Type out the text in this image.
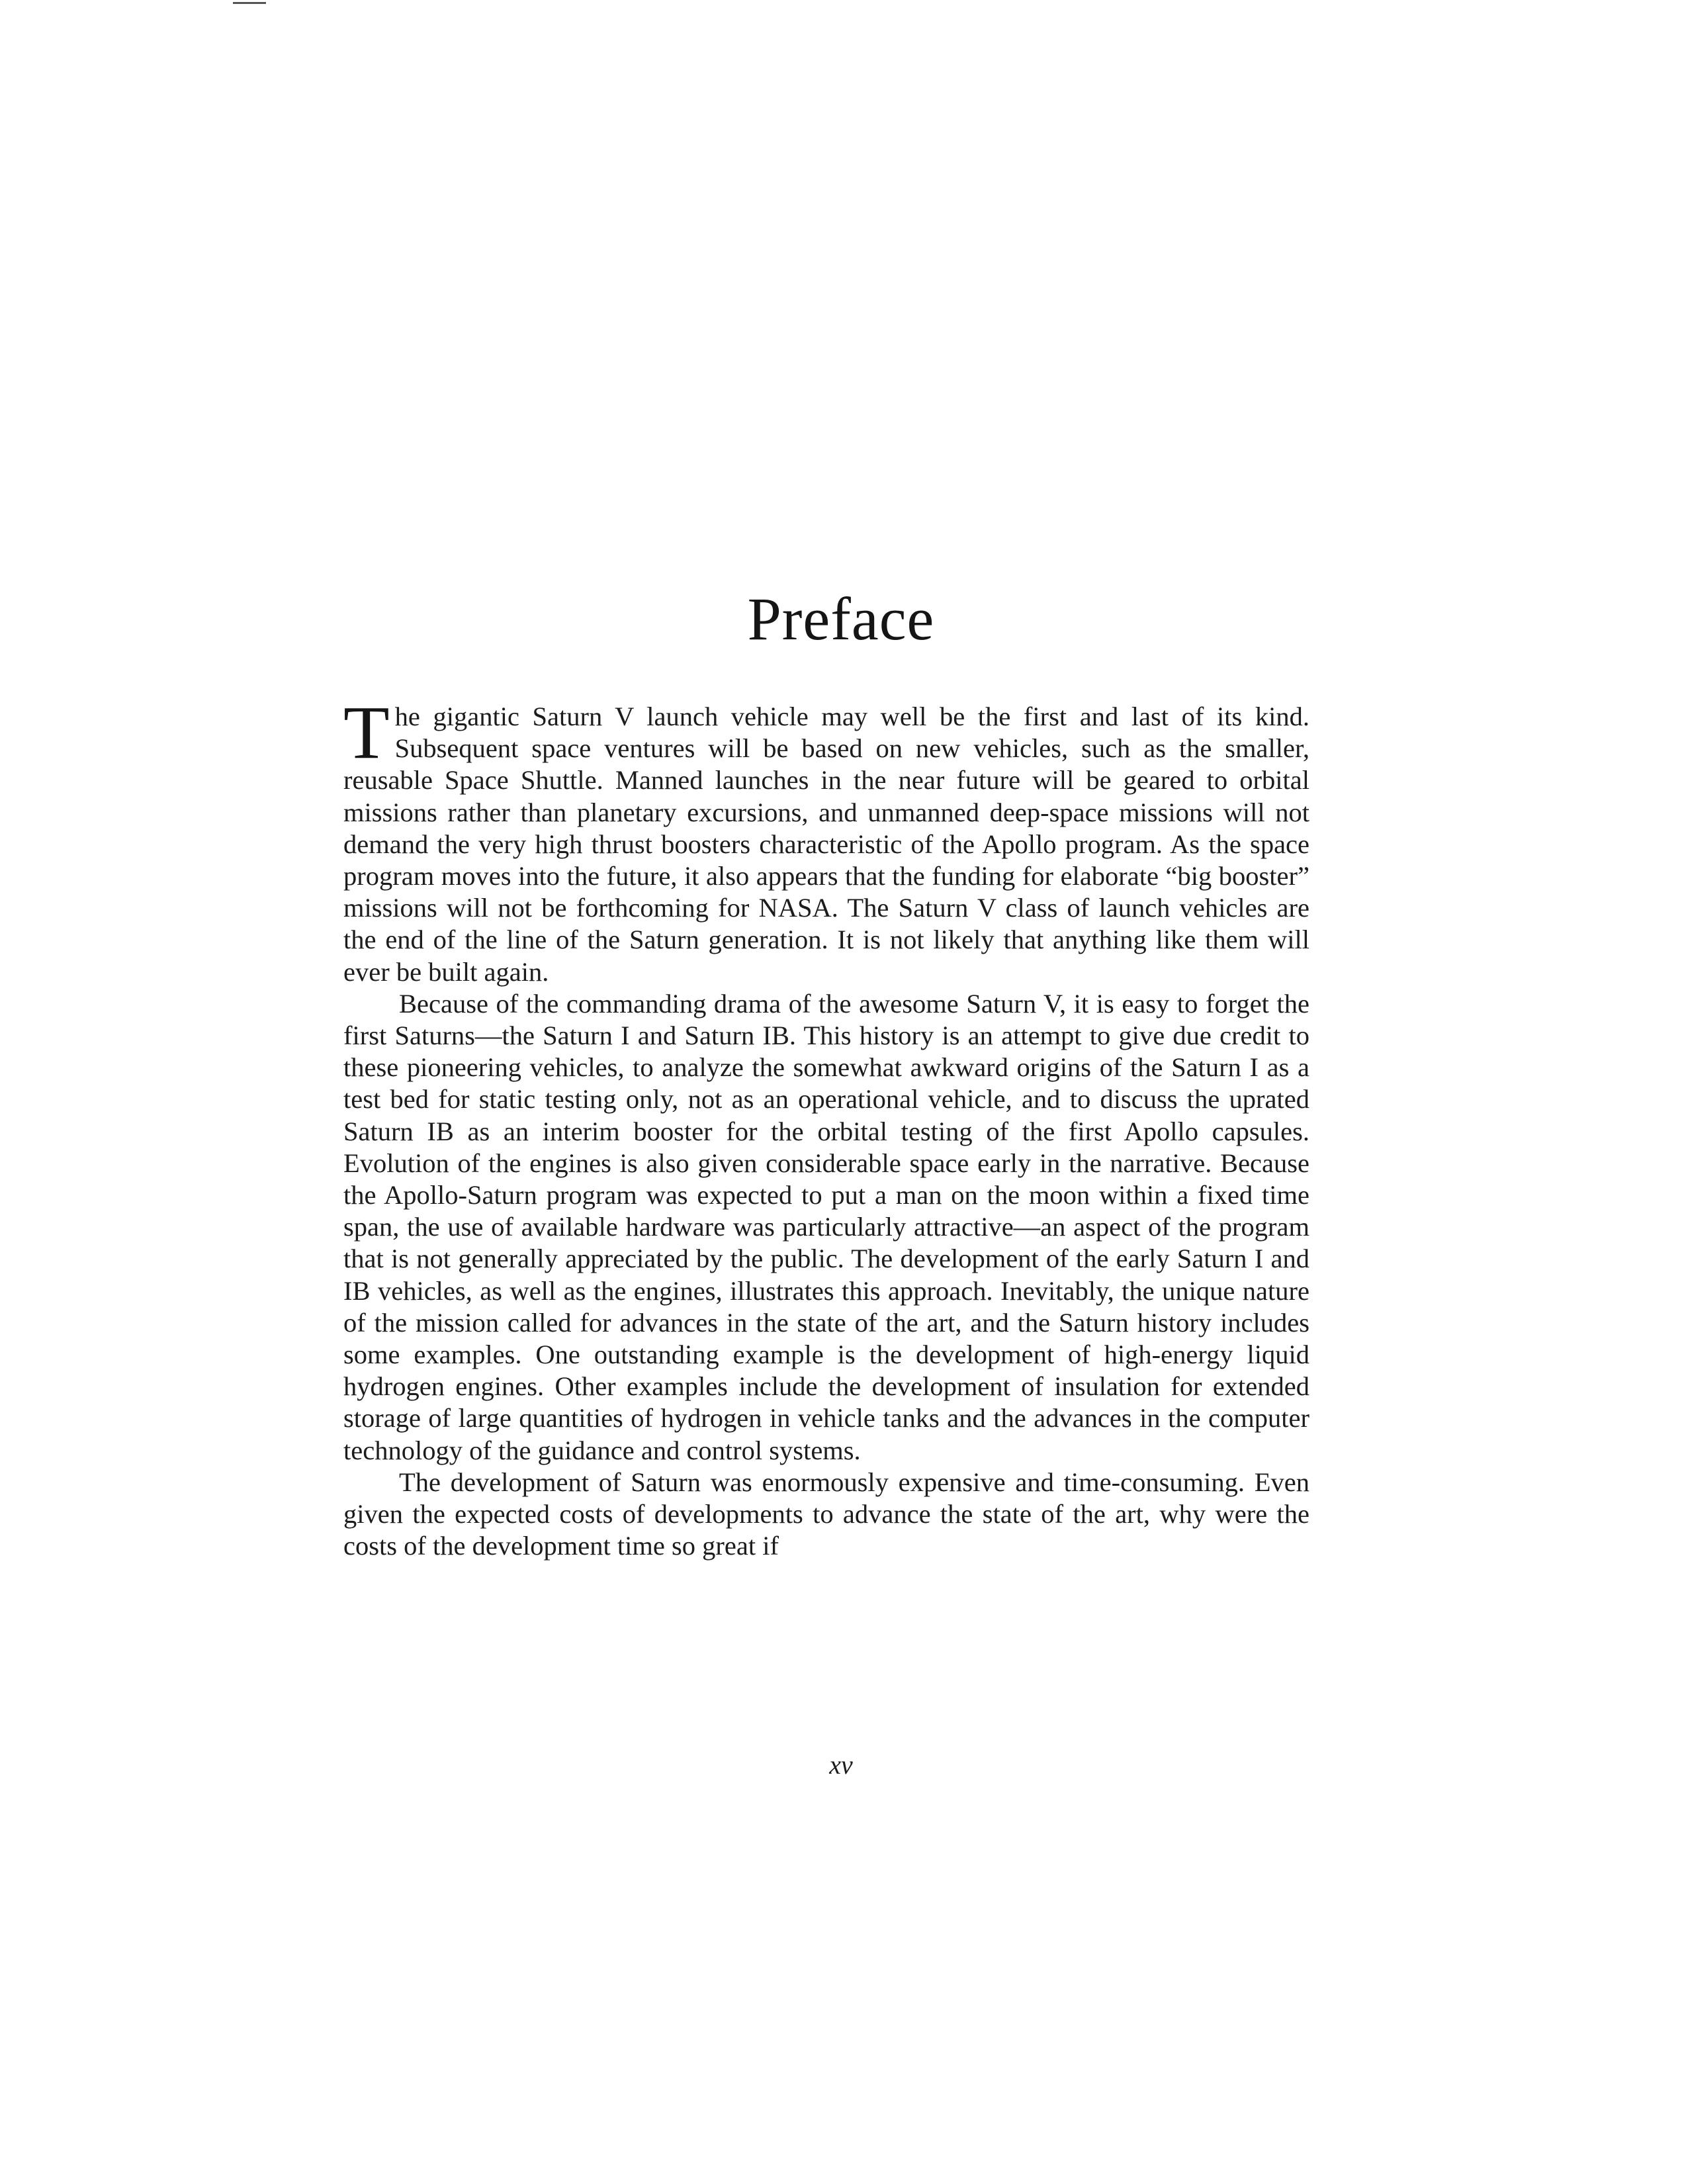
Preface

The gigantic Saturn V launch vehicle may well be the first and last of its kind. Subsequent space ventures will be based on new vehicles, such as the smaller, reusable Space Shuttle. Manned launches in the near future will be geared to orbital missions rather than planetary excursions, and unmanned deep-space missions will not demand the very high thrust boosters characteristic of the Apollo program. As the space program moves into the future, it also appears that the funding for elaborate “big booster” missions will not be forthcoming for NASA. The Saturn V class of launch vehicles are the end of the line of the Saturn generation. It is not likely that anything like them will ever be built again.

Because of the commanding drama of the awesome Saturn V, it is easy to forget the first Saturns—the Saturn I and Saturn IB. This history is an attempt to give due credit to these pioneering vehicles, to analyze the somewhat awkward origins of the Saturn I as a test bed for static testing only, not as an operational vehicle, and to discuss the uprated Saturn IB as an interim booster for the orbital testing of the first Apollo capsules. Evolution of the engines is also given considerable space early in the narrative. Because the Apollo-Saturn program was expected to put a man on the moon within a fixed time span, the use of available hardware was particularly attractive—an aspect of the program that is not generally appreciated by the public. The development of the early Saturn I and IB vehicles, as well as the engines, illustrates this approach. Inevitably, the unique nature of the mission called for advances in the state of the art, and the Saturn history includes some examples. One outstanding example is the development of high-energy liquid hydrogen engines. Other examples include the development of insulation for extended storage of large quantities of hydrogen in vehicle tanks and the advances in the computer technology of the guidance and control systems.

The development of Saturn was enormously expensive and time-consuming. Even given the expected costs of developments to advance the state of the art, why were the costs of the development time so great if

xv
